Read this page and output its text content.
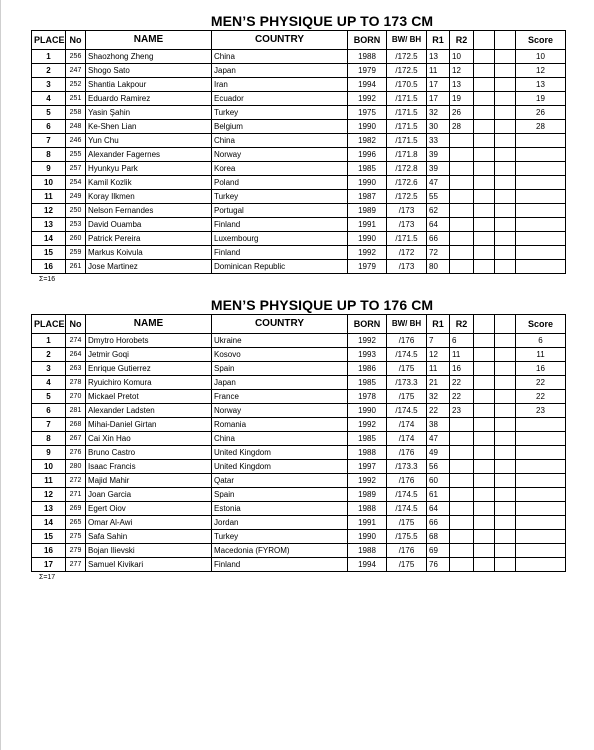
MEN’S PHYSIQUE UP TO 173 CM
PLACE	No	NAME	COUNTRY	BORN	BW/ BH	R1	R2			Score
1	256	Shaozhong Zheng	China	1988	/172.5	13	10			10
2	247	Shogo Sato	Japan	1979	/172.5	11	12			12
3	252	Shantia Lakpour	Iran	1994	/170.5	17	13			13
4	251	Eduardo Ramirez	Ecuador	1992	/171.5	17	19			19
5	258	Yasin Şahin	Turkey	1975	/171.5	32	26			26
6	248	Ke-Shen Lian	Belgium	1990	/171.5	30	28			28
7	246	Yun Chu	China	1982	/171.5	33				
8	255	Alexander Fagernes	Norway	1996	/171.8	39				
9	257	Hyunkyu Park	Korea	1985	/172.8	39				
10	254	Kamil Kozlik	Poland	1990	/172.6	47				
11	249	Koray Ilkmen	Turkey	1987	/172.5	55				
12	250	Nelson Fernandes	Portugal	1989	/173	62				
13	253	David Ouamba	Finland	1991	/173	64				
14	260	Patrick Pereira	Luxembourg	1990	/171.5	66				
15	259	Markus Koivula	Finland	1992	/172	72				
16	261	Jose Martinez	Dominican Republic	1979	/173	80				
Σ=16
MEN’S PHYSIQUE UP TO 176 CM
PLACE	No	NAME	COUNTRY	BORN	BW/ BH	R1	R2			Score
1	274	Dmytro Horobets	Ukraine	1992	/176	7	6			6
2	264	Jetmir Goqi	Kosovo	1993	/174.5	12	11			11
3	263	Enrique Gutierrez	Spain	1986	/175	11	16			16
4	278	Ryuichiro Komura	Japan	1985	/173.3	21	22			22
5	270	Mickael Pretot	France	1978	/175	32	22			22
6	281	Alexander Ladsten	Norway	1990	/174.5	22	23			23
7	268	Mihai-Daniel Girtan	Romania	1992	/174	38				
8	267	Cai Xin Hao	China	1985	/174	47				
9	276	Bruno Castro	United Kingdom	1988	/176	49				
10	280	Isaac Francis	United Kingdom	1997	/173.3	56				
11	272	Majid Mahir	Qatar	1992	/176	60				
12	271	Joan Garcia	Spain	1989	/174.5	61				
13	269	Egert Oiov	Estonia	1988	/174.5	64				
14	265	Omar Al-Awi	Jordan	1991	/175	66				
15	275	Safa Sahin	Turkey	1990	/175.5	68				
16	279	Bojan Ilievski	Macedonia (FYROM)	1988	/176	69				
17	277	Samuel Kivikari	Finland	1994	/175	76				
Σ=17
